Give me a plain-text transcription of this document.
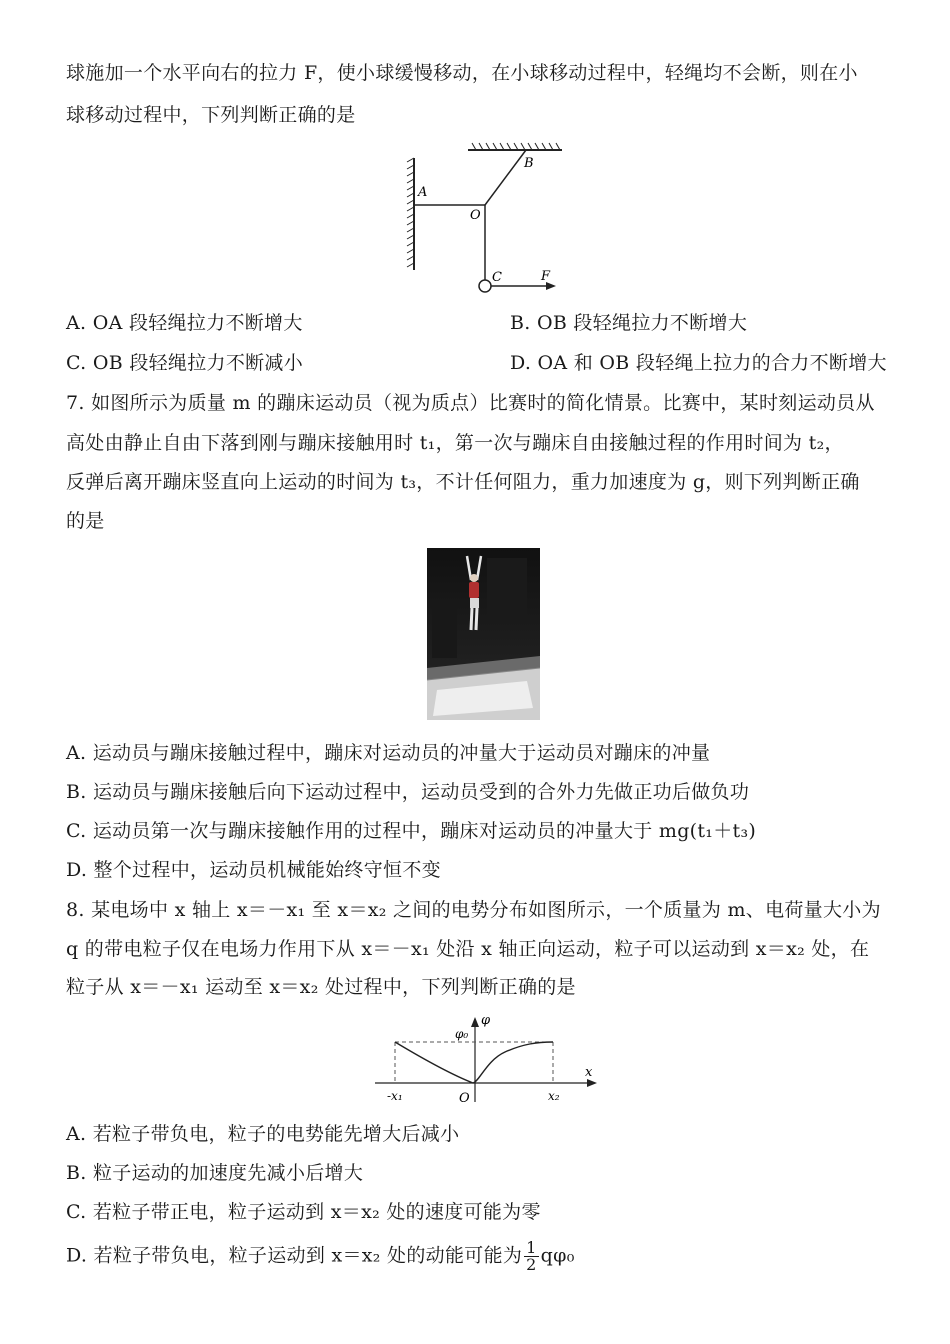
球施加一个水平向右的拉力 F，使小球缓慢移动，在小球移动过程中，轻绳均不会断，则在小
球移动过程中，下列判断正确的是
A
B
O
C	F
A. OA 段轻绳拉力不断增大	B. OB 段轻绳拉力不断增大
C. OB 段轻绳拉力不断减小	D. OA 和 OB 段轻绳上拉力的合力不断增大
7. 如图所示为质量 m 的蹦床运动员（视为质点）比赛时的简化情景。比赛中，某时刻运动员从
高处由静止自由下落到刚与蹦床接触用时 t₁，第一次与蹦床自由接触过程的作用时间为 t₂，
反弹后离开蹦床竖直向上运动的时间为 t₃，不计任何阻力，重力加速度为 g，则下列判断正确
的是
A. 运动员与蹦床接触过程中，蹦床对运动员的冲量大于运动员对蹦床的冲量
B. 运动员与蹦床接触后向下运动过程中，运动员受到的合外力先做正功后做负功
C. 运动员第一次与蹦床接触作用的过程中，蹦床对运动员的冲量大于 mg(t₁＋t₃)
D. 整个过程中，运动员机械能始终守恒不变
8. 某电场中 x 轴上 x＝－x₁ 至 x＝x₂ 之间的电势分布如图所示，一个质量为 m、电荷量大小为
q 的带电粒子仅在电场力作用下从 x＝－x₁ 处沿 x 轴正向运动，粒子可以运动到 x＝x₂ 处，在
粒子从 x＝－x₁ 运动至 x＝x₂ 处过程中，下列判断正确的是
φ
φ₀
x
-x₁	O	x₂
A. 若粒子带负电，粒子的电势能先增大后减小
B. 粒子运动的加速度先减小后增大
C. 若粒子带正电，粒子运动到 x＝x₂ 处的速度可能为零
D. 若粒子带负电，粒子运动到 x＝x₂ 处的动能可能为 $\frac{1}{2} q\varphi_0$
